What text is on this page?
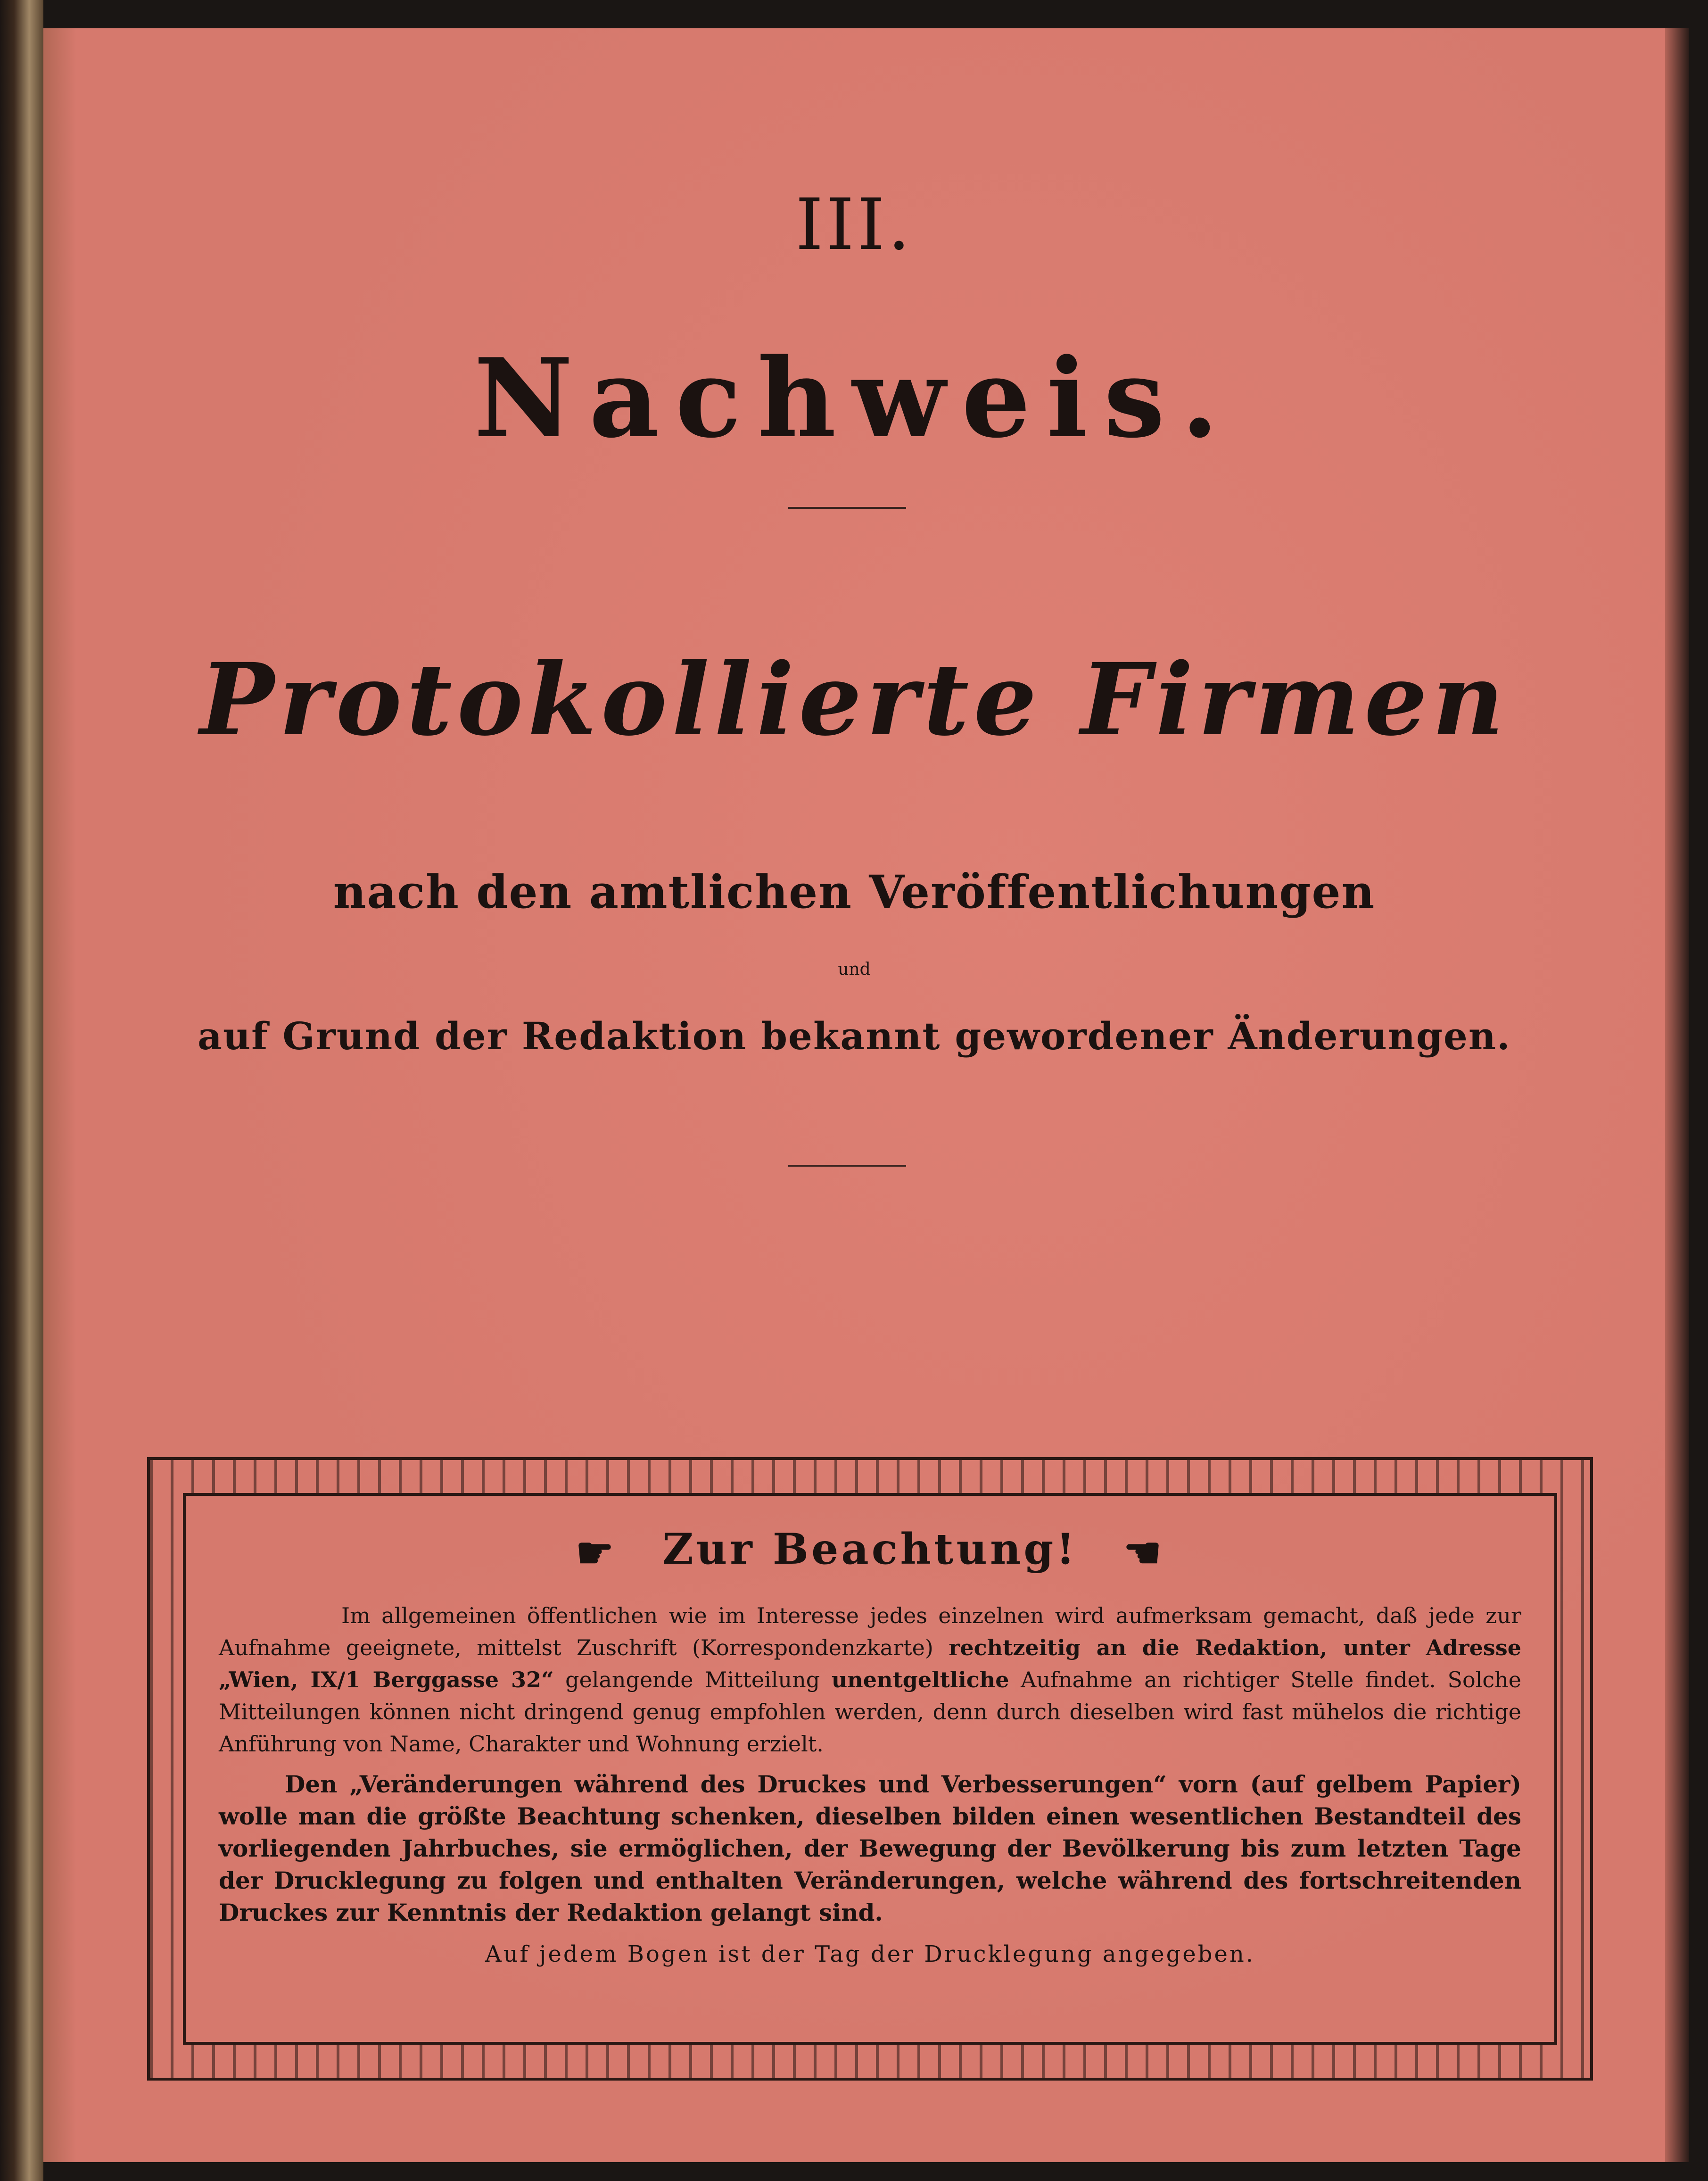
III.
Nachweis.
Protokollierte Firmen
nach den amtlichen Veröffentlichungen
und
auf Grund der Redaktion bekannt gewordener Änderungen.
☛ Zur Beachtung! ☚

Im allgemeinen öffentlichen wie im Interesse jedes einzelnen wird aufmerksam gemacht, daß jede zur Aufnahme geeignete, mittelst Zuschrift (Korrespondenzkarte) rechtzeitig an die Redaktion, unter Adresse „Wien, IX/1 Berggasse 32“ gelangende Mitteilung unentgeltliche Aufnahme an richtiger Stelle findet. Solche Mitteilungen können nicht dringend genug empfohlen werden, denn durch dieselben wird fast mühelos die richtige Anführung von Name, Charakter und Wohnung erzielt.

Den „Veränderungen während des Druckes und Verbesserungen“ vorn (auf gelbem Papier) wolle man die größte Beachtung schenken, dieselben bilden einen wesentlichen Bestandteil des vorliegenden Jahrbuches, sie ermöglichen, der Bewegung der Bevölkerung bis zum letzten Tage der Drucklegung zu folgen und enthalten Veränderungen, welche während des fortschreitenden Druckes zur Kenntnis der Redaktion gelangt sind.

Auf jedem Bogen ist der Tag der Drucklegung angegeben.
